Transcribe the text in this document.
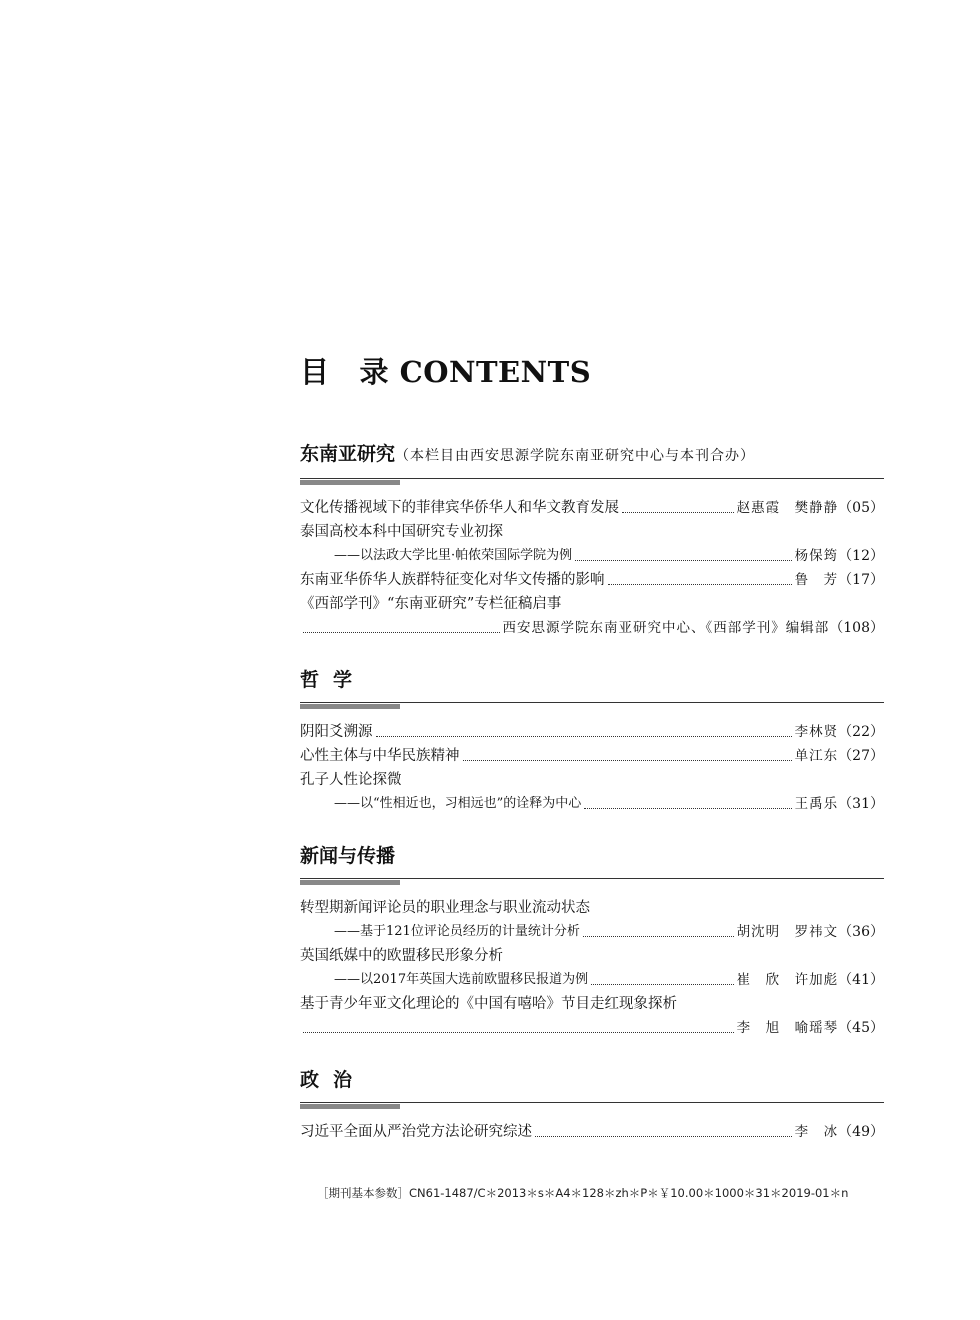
目 录 CONTENTS
东南亚研究（本栏目由西安思源学院东南亚研究中心与本刊合办）
文化传播视域下的菲律宾华侨华人和华文教育发展	赵惠霞　樊静静 （05）
泰国高校本科中国研究专业初探
——以法政大学比里·帕侬荣国际学院为例	杨保筠 （12）
东南亚华侨华人族群特征变化对华文传播的影响	鲁　芳 （17）
《西部学刊》“东南亚研究”专栏征稿启事
西安思源学院东南亚研究中心、《西部学刊》编辑部 （108）
哲学
阴阳爻溯源	李林贤 （22）
心性主体与中华民族精神	单江东 （27）
孔子人性论探微
——以“性相近也，习相远也”的诠释为中心	王禹乐 （31）
新闻与传播
转型期新闻评论员的职业理念与职业流动状态
——基于121位评论员经历的计量统计分析	胡沈明　罗祎文 （36）
英国纸媒中的欧盟移民形象分析
——以2017年英国大选前欧盟移民报道为例	崔　欣　许加彪 （41）
基于青少年亚文化理论的《中国有嘻哈》节目走红现象探析
李　旭　喻瑶琴 （45）
政治
习近平全面从严治党方法论研究综述	李　冰 （49）
［期刊基本参数］CN61-1487/C＊2013＊s＊A4＊128＊zh＊P＊￥10.00＊1000＊31＊2019-01＊n
